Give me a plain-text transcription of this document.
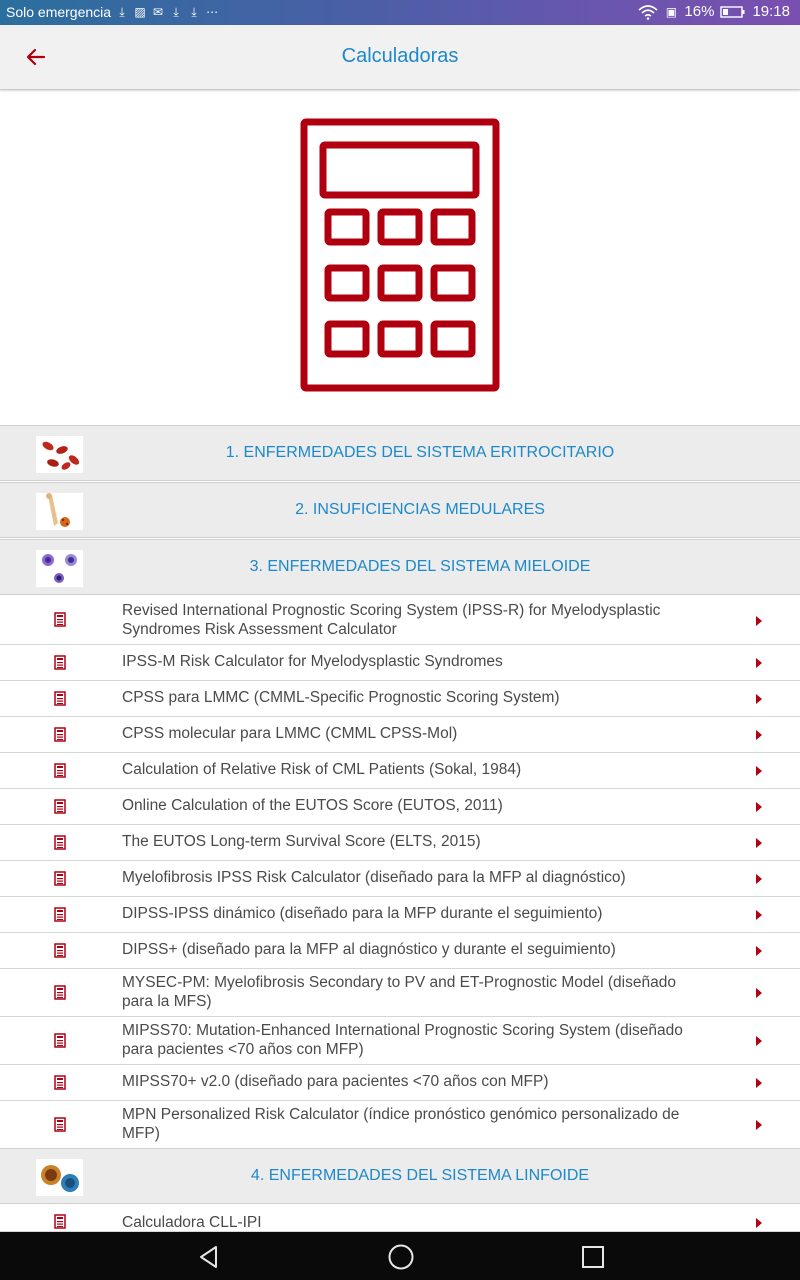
Solo emergencia ⤓ ▨ ✉ ⤓	⤓ ⋯	▣ 16%	19:18
Calculadoras
1. ENFERMEDADES DEL SISTEMA ERITROCITARIO
2. INSUFICIENCIAS MEDULARES
3. ENFERMEDADES DEL SISTEMA MIELOIDE
Revised International Prognostic Scoring System (IPSS-R) for Myelodysplastic Syndromes Risk Assessment Calculator
IPSS-M Risk Calculator for Myelodysplastic Syndromes
CPSS para LMMC (CMML-Specific Prognostic Scoring System)
CPSS molecular para LMMC (CMML CPSS-Mol)
Calculation of Relative Risk of CML Patients (Sokal, 1984)
Online Calculation of the EUTOS Score (EUTOS, 2011)
The EUTOS Long-term Survival Score (ELTS, 2015)
Myelofibrosis IPSS Risk Calculator (diseñado para la MFP al diagnóstico)
DIPSS-IPSS dinámico (diseñado para la MFP durante el seguimiento)
DIPSS+ (diseñado para la MFP al diagnóstico y durante el seguimiento)
MYSEC-PM: Myelofibrosis Secondary to PV and ET-Prognostic Model (diseñado para la MFS)
MIPSS70: Mutation-Enhanced International Prognostic Scoring System (diseñado para pacientes <70 años con MFP)
MIPSS70+ v2.0 (diseñado para pacientes <70 años con MFP)
MPN Personalized Risk Calculator (índice pronóstico genómico personalizado de MFP)
4. ENFERMEDADES DEL SISTEMA LINFOIDE
Calculadora CLL-IPI
